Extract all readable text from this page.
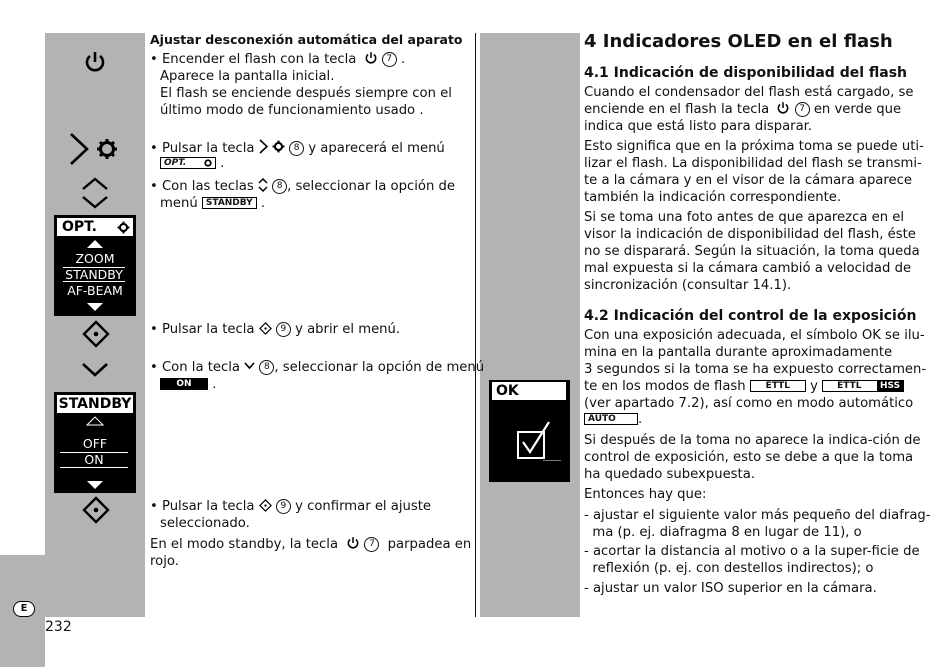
OPT.
ZOOM
STANDBY
AF-BEAM
STANDBY
OFF
ON
E
232
Ajustar desconexión automática del aparato
• Encender el flash con la tecla	7 .
Aparece la pantalla inicial.
El flash se enciende después siempre con el
último modo de funcionamiento usado .
• Pulsar la tecla	8 y aparecerá el menú
OPT.
.
• Con las teclas	8 , seleccionar la opción de
menú STANDBY .
• Pulsar la tecla	9 y abrir el menú.
• Con la tecla	8 , seleccionar la opción de menú
ON .
• Pulsar la tecla	9 y confirmar el ajuste
seleccionado.
En el modo standby, la tecla	7 parpadea en
rojo.
OK
4 Indicadores OLED en el flash
4.1 Indicación de disponibilidad del flash
Cuando el condensador del flash está cargado, se
enciende en el flash la tecla	7 en verde que
indica que está listo para disparar.
Esto significa que en la próxima toma se puede uti-
lizar el flash. La disponibilidad del flash se transmi-
te a la cámara y en el visor de la cámara aparece
también la indicación correspondiente.
Si se toma una foto antes de que aparezca en el
visor la indicación de disponibilidad del flash, éste
no se disparará. Según la situación, la toma queda
mal expuesta si la cámara cambió a velocidad de
sincronización (consultar 14.1).
4.2 Indicación del control de la exposición
Con una exposición adecuada, el símbolo OK se ilu-
mina en la pantalla durante aproximadamente
3 segundos si la toma se ha expuesto correctamen-
te en los modos de flash ETTL y ETTL	HSS
(ver apartado 7.2), así como en modo automático
AUTO .
Si después de la toma no aparece la indica-ción de
control de exposición, esto se debe a que la toma
ha quedado subexpuesta.
Entonces hay que:
- ajustar el siguiente valor más pequeño del diafrag-
ma (p. ej. diafragma 8 en lugar de 11), o
- acortar la distancia al motivo o a la super-ficie de
reflexión (p. ej. con destellos indirectos); o
- ajustar un valor ISO superior en la cámara.
